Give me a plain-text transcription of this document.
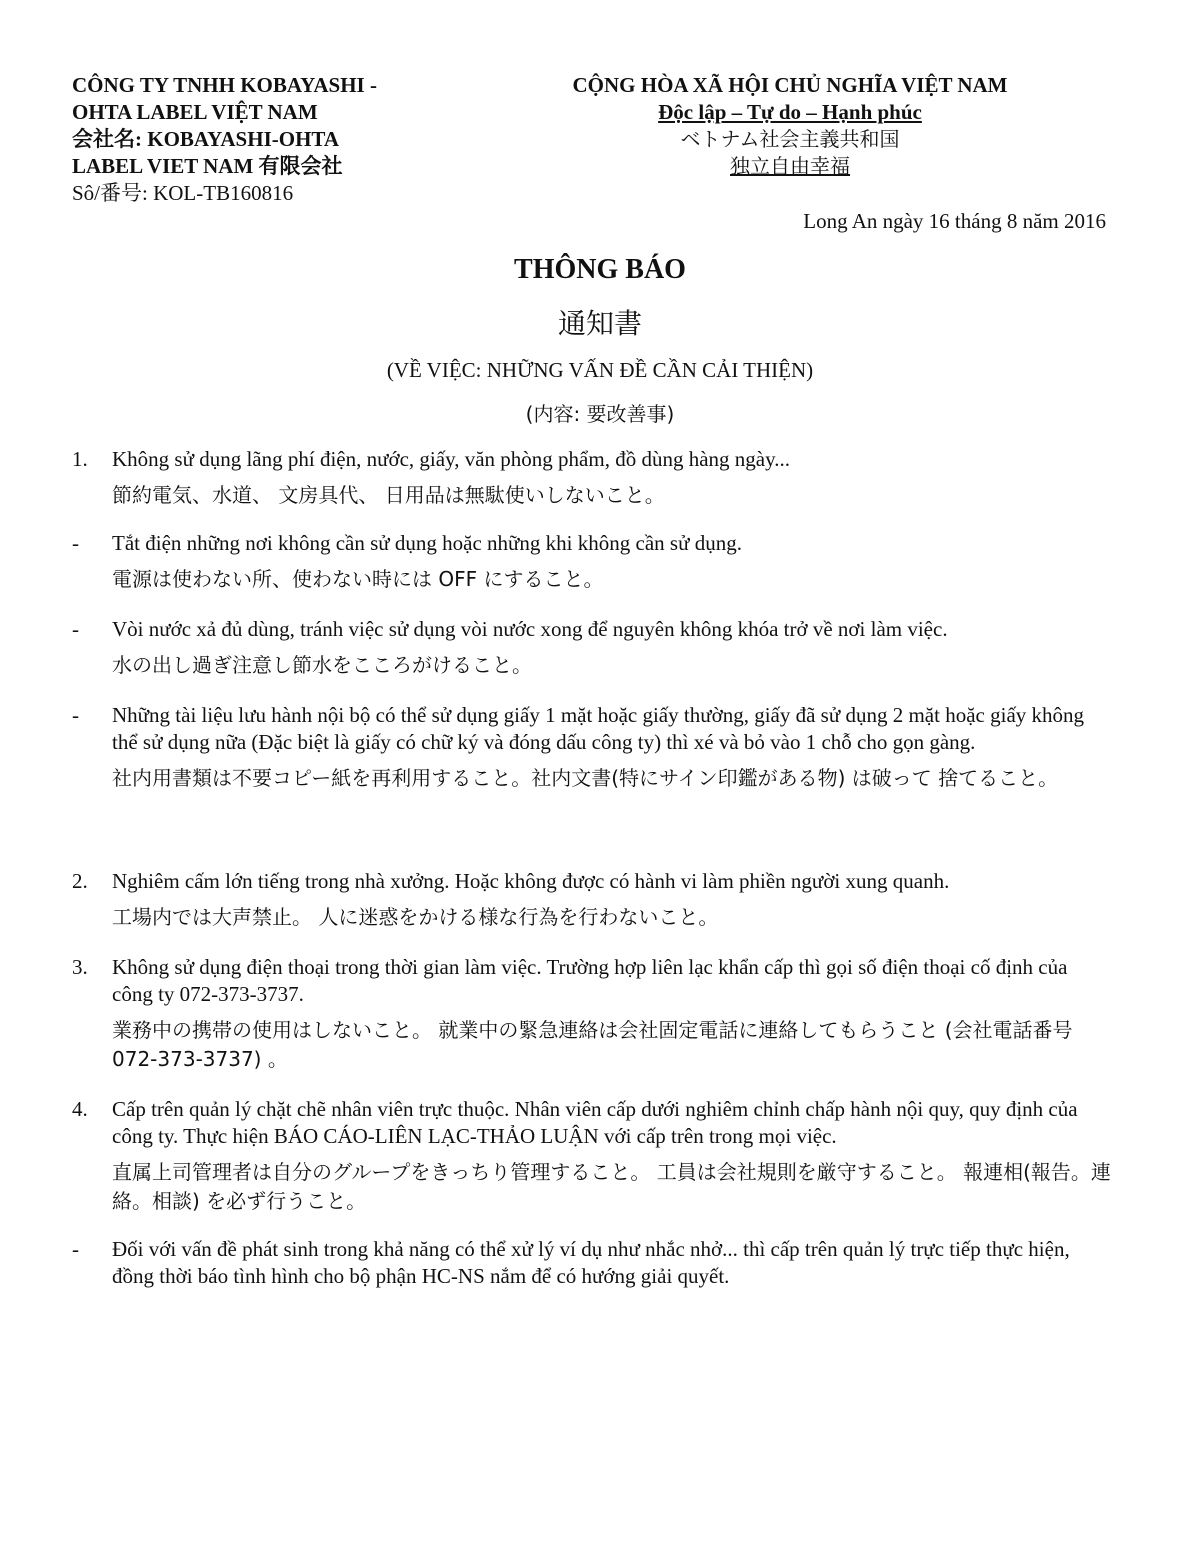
CÔNG TY TNHH KOBAYASHI -
OHTA LABEL VIỆT NAM
会社名: KOBAYASHI-OHTA
LABEL VIET NAM 有限会社
Sô/番号: KOL-TB160816
CỘNG HÒA XÃ HỘI CHỦ NGHĨA VIỆT NAM
Độc lập – Tự do – Hạnh phúc
ベトナム社会主義共和国
独立自由幸福
Long An ngày 16 tháng 8 năm 2016
THÔNG BÁO
通知書
(VỀ VIỆC: NHỮNG VẤN ĐỀ CẦN CẢI THIỆN)
(内容: 要改善事)
1.	Không sử dụng lãng phí điện, nước, giấy, văn phòng phẩm, đồ dùng hàng ngày...
節約電気、水道、 文房具代、 日用品は無駄使いしないこと。
-	Tắt điện những nơi không cần sử dụng hoặc những khi không cần sử dụng.
電源は使わない所、使わない時には OFF にすること。
-	Vòi nước xả đủ dùng, tránh việc sử dụng vòi nước xong để nguyên không khóa trở về nơi làm việc.
水の出し過ぎ注意し節水をこころがけること。
-	Những tài liệu lưu hành nội bộ có thể sử dụng giấy 1 mặt hoặc giấy thường, giấy đã sử dụng 2 mặt hoặc giấy không thể sử dụng nữa (Đặc biệt là giấy có chữ ký và đóng dấu công ty) thì xé và bỏ vào 1 chỗ cho gọn gàng.
社内用書類は不要コピー紙を再利用すること。社内文書(特にサイン印鑑がある物) は破って 捨てること。
2.	Nghiêm cấm lớn tiếng trong nhà xưởng. Hoặc không được có hành vi làm phiền người xung quanh.
工場内では大声禁止。 人に迷惑をかける様な行為を行わないこと。
3.	Không sử dụng điện thoại trong thời gian làm việc. Trường hợp liên lạc khẩn cấp thì gọi số điện thoại cố định của công ty 072-373-3737.
業務中の携帯の使用はしないこと。 就業中の緊急連絡は会社固定電話に連絡してもらうこと (会社電話番号 072-373-3737) 。
4.	Cấp trên quản lý chặt chẽ nhân viên trực thuộc. Nhân viên cấp dưới nghiêm chỉnh chấp hành nội quy, quy định của công ty. Thực hiện BÁO CÁO-LIÊN LẠC-THẢO LUẬN với cấp trên trong mọi việc.
直属上司管理者は自分のグループをきっちり管理すること。 工員は会社規則を厳守すること。 報連相(報告。連絡。相談) を必ず行うこと。
-	Đối với vấn đề phát sinh trong khả năng có thể xử lý ví dụ như nhắc nhở... thì cấp trên quản lý trực tiếp thực hiện, đồng thời báo tình hình cho bộ phận HC-NS nắm để có hướng giải quyết.
